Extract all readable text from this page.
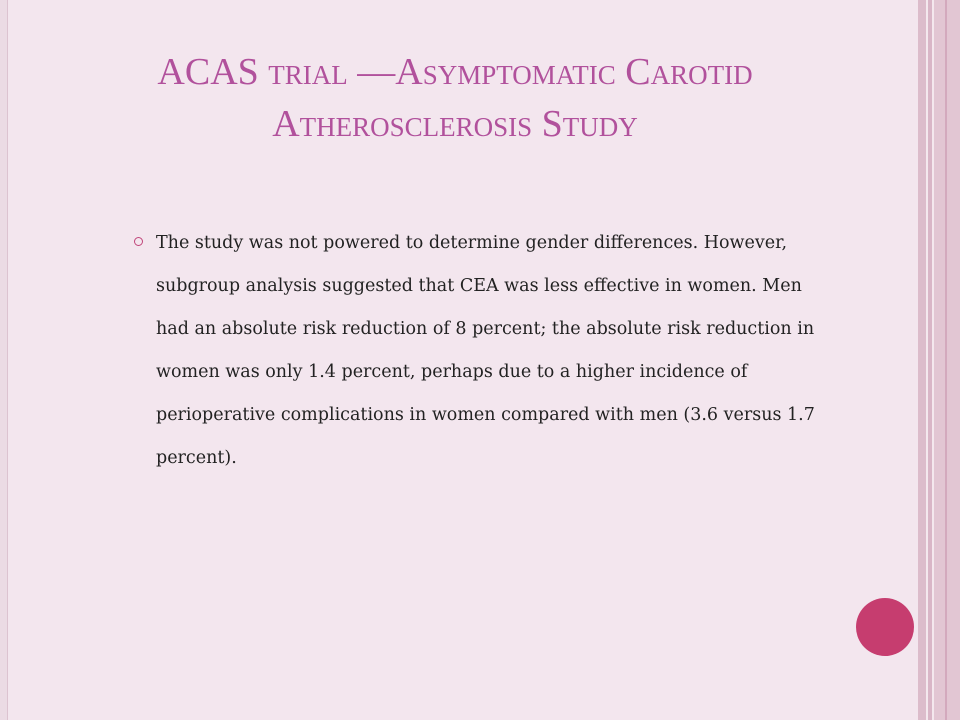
ACAS trial —Asymptomatic Carotid
Atherosclerosis Study
The study was not powered to determine gender differences. However, subgroup analysis suggested that CEA was less effective in women. Men had an absolute risk reduction of 8 percent; the absolute risk reduction in women was only 1.4 percent, perhaps due to a higher incidence of perioperative complications in women compared with men (3.6 versus 1.7 percent).
